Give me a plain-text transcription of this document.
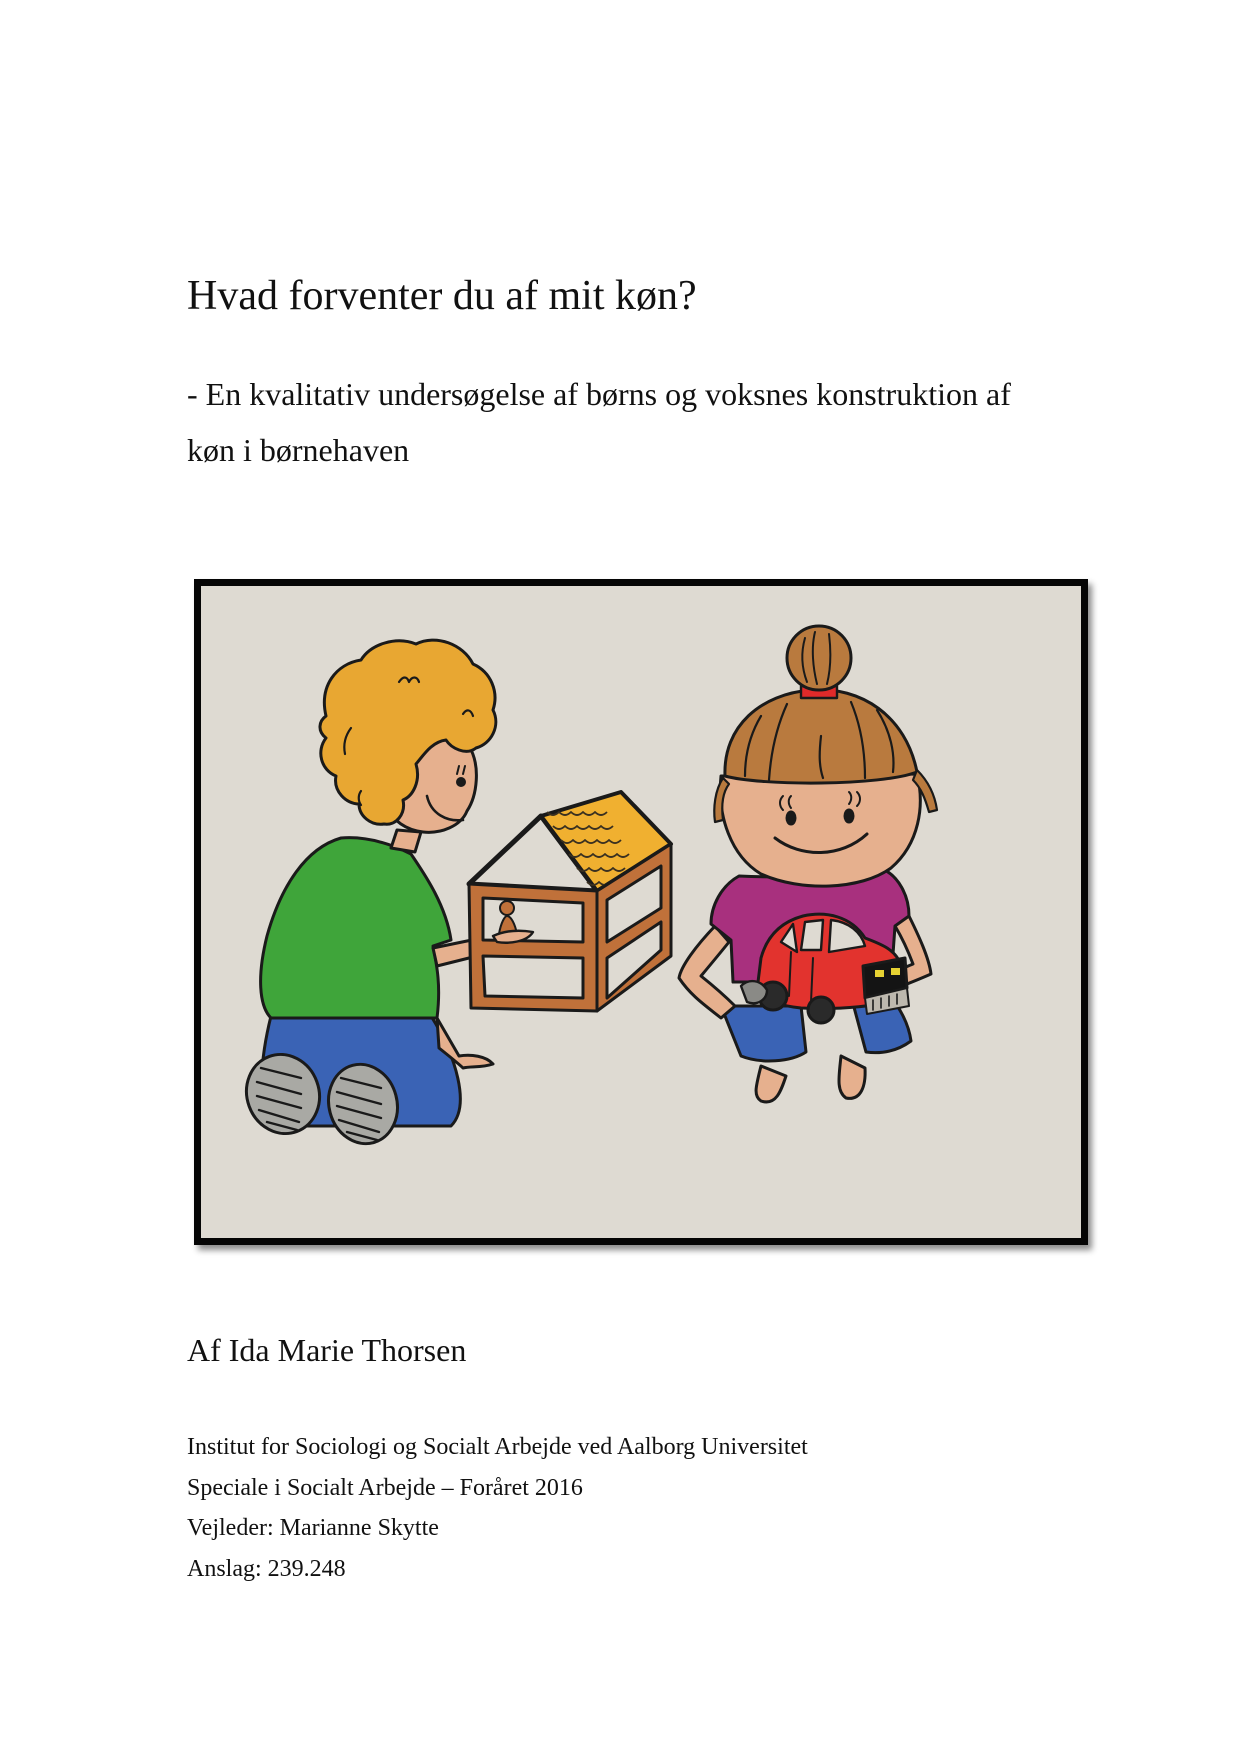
Hvad forventer du af mit køn?
- En kvalitativ undersøgelse af børns og voksnes konstruktion af
køn i børnehaven
Af Ida Marie Thorsen
Institut for Sociologi og Socialt Arbejde ved Aalborg Universitet
Speciale i Socialt Arbejde – Foråret 2016
Vejleder: Marianne Skytte
Anslag: 239.248
